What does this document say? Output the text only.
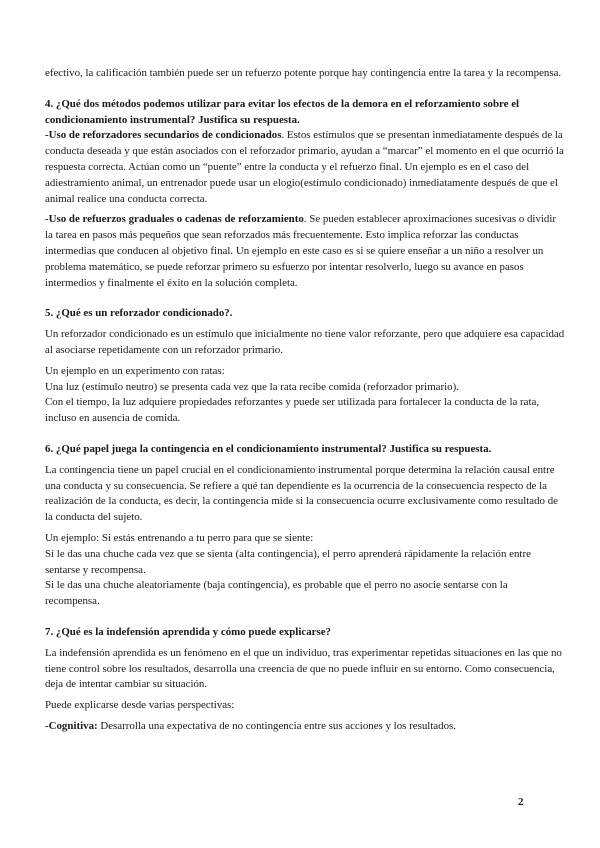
efectivo, la calificación también puede ser un refuerzo potente porque hay contingencia entre la tarea y la recompensa.

4. ¿Qué dos métodos podemos utilizar para evitar los efectos de la demora en el reforzamiento sobre el condicionamiento instrumental? Justifica su respuesta.

-Uso de reforzadores secundarios de condicionados. Estos estímulos que se presentan inmediatamente después de la conducta deseada y que están asociados con el reforzador primario, ayudan a “marcar” el momento en el que ocurrió la respuesta correcta. Actúan como un “puente” entre la conducta y el refuerzo final. Un ejemplo es en el caso del adiestramiento animal, un entrenador puede usar un elogio(estímulo condicionado) inmediatamente después de que el animal realice una conducta correcta.

-Uso de refuerzos graduales o cadenas de reforzamiento. Se pueden establecer aproximaciones sucesivas o dividir la tarea en pasos más pequeños que sean reforzados más frecuentemente. Esto implica reforzar las conductas intermedias que conducen al objetivo final. Un ejemplo en este caso es si se quiere enseñar a un niño a resolver un problema matemático, se puede reforzar primero su esfuerzo por intentar resolverlo, luego su avance en pasos intermedios y finalmente el éxito en la solución completa.

5. ¿Qué es un reforzador condicionado?.

Un reforzador condicionado es un estímulo que inicialmente no tiene valor reforzante, pero que adquiere esa capacidad al asociarse repetidamente con un reforzador primario.

Un ejemplo en un experimento con ratas:

Una luz (estímulo neutro) se presenta cada vez que la rata recibe comida (reforzador primario).

Con el tiempo, la luz adquiere propiedades reforzantes y puede ser utilizada para fortalecer la conducta de la rata, incluso en ausencia de comida.

6. ¿Qué papel juega la contingencia en el condicionamiento instrumental? Justifica su respuesta.

La contingencia tiene un papel crucial en el condicionamiento instrumental porque determina la relación causal entre una conducta y su consecuencia. Se refiere a qué tan dependiente es la ocurrencia de la consecuencia respecto de la realización de la conducta, es decir, la contingencia mide si la consecuencia ocurre exclusivamente como resultado de la conducta del sujeto.

Un ejemplo: Si estás entrenando a tu perro para que se siente:

Si le das una chuche cada vez que se sienta (alta contingencia), el perro aprenderá rápidamente la relación entre sentarse y recompensa.

Si le das una chuche aleatoriamente (baja contingencia), es probable que el perro no asocie sentarse con la recompensa.

7. ¿Qué es la indefensión aprendida y cómo puede explicarse?

La indefensión aprendida es un fenómeno en el que un individuo, tras experimentar repetidas situaciones en las que no tiene control sobre los resultados, desarrolla una creencia de que no puede influir en su entorno. Como consecuencia, deja de intentar cambiar su situación.

Puede explicarse desde varias perspectivas:

-Cognitiva: Desarrolla una expectativa de no contingencia entre sus acciones y los resultados.

2
